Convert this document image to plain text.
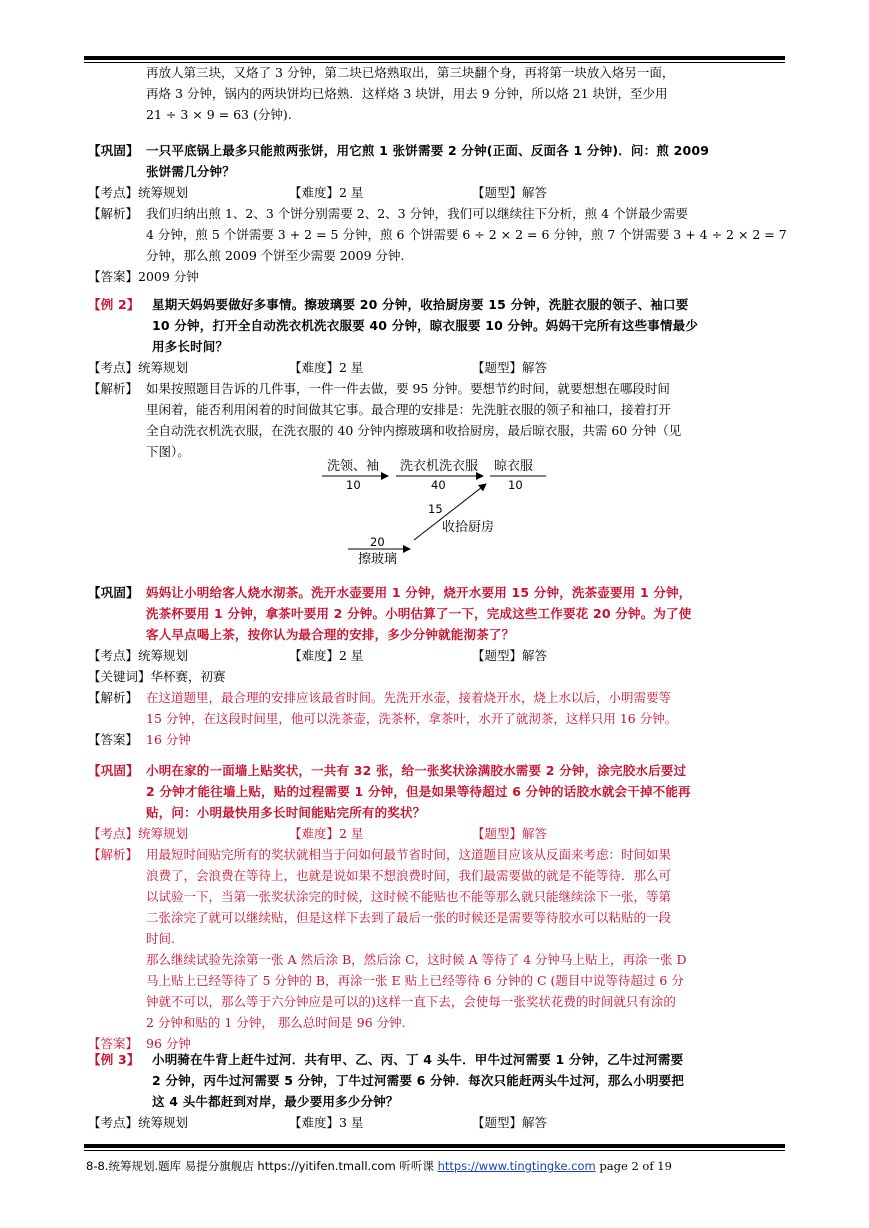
再放人第三块，又烙了 3 分钟，第二块已烙熟取出，第三块翻个身，再将第一块放入烙另一面，
再烙 3 分钟，锅内的两块饼均已烙熟．这样烙 3 块饼，用去 9 分钟，所以烙 21 块饼，至少用
21 ÷ 3 × 9 = 63 (分钟).
【巩固】 一只平底锅上最多只能煎两张饼，用它煎 1 张饼需要 2 分钟(正面、反面各 1 分钟)．问：煎 2009
张饼需几分钟？
【考点】统筹规划	【难度】2 星	【题型】解答
【解析】 我们归纳出煎 1、2、3 个饼分别需要 2、2、3 分钟，我们可以继续往下分析，煎 4 个饼最少需要
4 分钟，煎 5 个饼需要 3 + 2 = 5 分钟，煎 6 个饼需要 6 ÷ 2 × 2 = 6 分钟，煎 7 个饼需要 3 + 4 ÷ 2 × 2 = 7
分钟，那么煎 2009 个饼至少需要 2009 分钟.
【答案】2009 分钟
【例 2】 星期天妈妈要做好多事情。擦玻璃要 20 分钟，收拾厨房要 15 分钟，洗脏衣服的领子、袖口要
10 分钟，打开全自动洗衣机洗衣服要 40 分钟，晾衣服要 10 分钟。妈妈干完所有这些事情最少
用多长时间？
【考点】统筹规划	【难度】2 星	【题型】解答
【解析】 如果按照题目告诉的几件事，一件一件去做，要 95 分钟。要想节约时间，就要想想在哪段时间
里闲着，能否利用闲着的时间做其它事。最合理的安排是：先洗脏衣服的领子和袖口，接着打开
全自动洗衣机洗衣服，在洗衣服的 40 分钟内擦玻璃和收拾厨房，最后晾衣服，共需 60 分钟（见
下图）。
洗领、袖
10
洗衣机洗衣服
40
晾衣服
10
15
收拾厨房
20
擦玻璃
【巩固】 妈妈让小明给客人烧水沏茶。洗开水壶要用 1 分钟，烧开水要用 15 分钟，洗茶壶要用 1 分钟，
洗茶杯要用 1 分钟，拿茶叶要用 2 分钟。小明估算了一下，完成这些工作要花 20 分钟。为了使
客人早点喝上茶，按你认为最合理的安排，多少分钟就能沏茶了？
【考点】统筹规划	【难度】2 星	【题型】解答
【关键词】华杯赛，初赛
【解析】 在这道题里，最合理的安排应该最省时间。先洗开水壶，接着烧开水，烧上水以后，小明需要等
15 分钟，在这段时间里，他可以洗茶壶，洗茶杯，拿茶叶，水开了就沏茶，这样只用 16 分钟。
【答案】 16 分钟
【巩固】 小明在家的一面墙上贴奖状，一共有 32 张，给一张奖状涂满胶水需要 2 分钟，涂完胶水后要过
2 分钟才能往墙上贴，贴的过程需要 1 分钟，但是如果等待超过 6 分钟的话胶水就会干掉不能再
贴，问：小明最快用多长时间能贴完所有的奖状？
【考点】统筹规划	【难度】2 星	【题型】解答
【解析】 用最短时间贴完所有的奖状就相当于问如何最节省时间，这道题目应该从反面来考虑：时间如果
浪费了，会浪费在等待上，也就是说如果不想浪费时间，我们最需要做的就是不能等待．那么可
以试验一下，当第一张奖状涂完的时候，这时候不能贴也不能等那么就只能继续涂下一张，等第
二张涂完了就可以继续贴，但是这样下去到了最后一张的时候还是需要等待胶水可以粘贴的一段
时间.
那么继续试验先涂第一张 A 然后涂 B，然后涂 C，这时候 A 等待了 4 分钟马上贴上，再涂一张 D
马上贴上已经等待了 5 分钟的 B，再涂一张 E 贴上已经等待 6 分钟的 C (题目中说等待超过 6 分
钟就不可以，那么等于六分钟应是可以的)这样一直下去，会使每一张奖状花费的时间就只有涂的
2 分钟和贴的 1 分钟， 那么总时间是 96 分钟.
【答案】 96 分钟
【例 3】 小明骑在牛背上赶牛过河．共有甲、乙、丙、丁 4 头牛．甲牛过河需要 1 分钟，乙牛过河需要
2 分钟，丙牛过河需要 5 分钟，丁牛过河需要 6 分钟．每次只能赶两头牛过河，那么小明要把
这 4 头牛都赶到对岸，最少要用多少分钟？
【考点】统筹规划	【难度】3 星	【题型】解答
8-8.统筹规划.题库 易提分旗舰店 https://yitifen.tmall.com 听听课 https://www.tingtingke.com page 2 of 19
